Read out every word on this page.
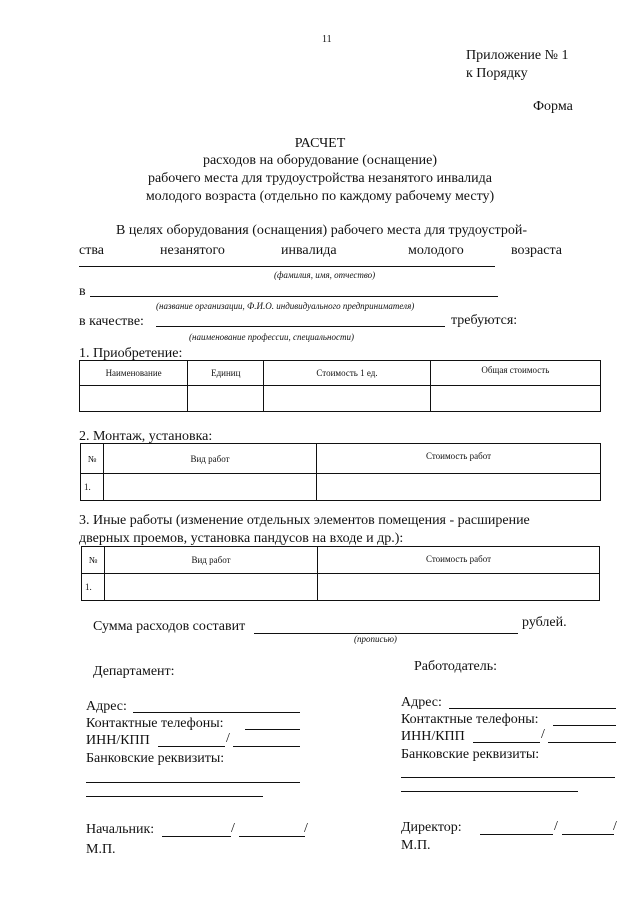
11
Приложение № 1
к Порядку
Форма
РАСЧЕТ
расходов на оборудование (оснащение)
рабочего места для трудоустройства незанятого инвалида
молодого возраста (отдельно по каждому рабочему месту)
В целях оборудования (оснащения) рабочего места для трудоустрой-
ства	незанятого	инвалида	молодого	возраста
(фамилия, имя, отчество)
в
(название организации, Ф.И.О. индивидуального предпринимателя)
в качестве:	требуются:
(наименование профессии, специальности)
1. Приобретение:
Наименование	Единиц	Стоимость 1 ед.	Общая стоимость

2. Монтаж, установка:
№	Вид работ	Стоимость работ
1.		
3. Иные работы (изменение отдельных элементов помещения - расширение
дверных проемов, установка пандусов на входе и др.):
№	Вид работ	Стоимость работ
1.		
Сумма расходов составит	рублей.
(прописью)
Департамент:
Адрес:
Контактные телефоны:
ИНН/КПП	/
Банковские реквизиты:
Начальник:	/	/
М.П.
Работодатель:
Адрес:
Контактные телефоны:
ИНН/КПП	/
Банковские реквизиты:
Директор:	/	/
М.П.
